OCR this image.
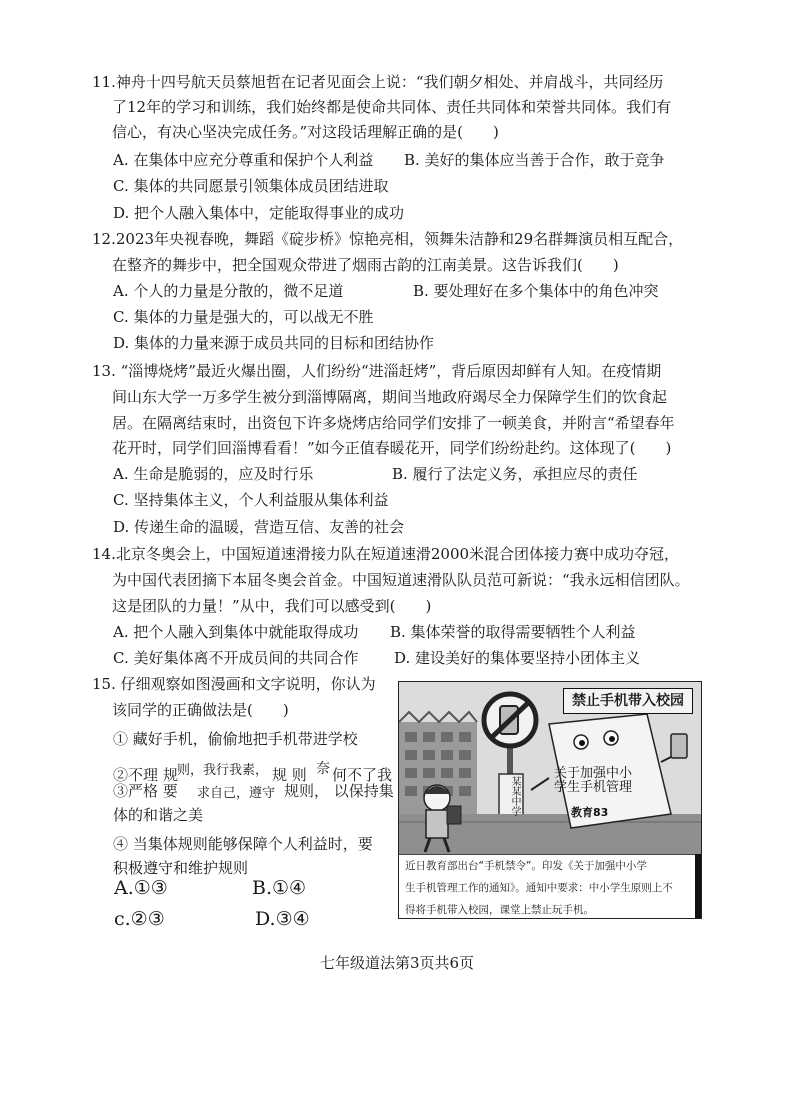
11.神舟十四号航天员蔡旭哲在记者见面会上说：“我们朝夕相处、并肩战斗，共同经历
了12年的学习和训练，我们始终都是使命共同体、责任共同体和荣誉共同体。我们有
信心，有决心坚决完成任务。”对这段话理解正确的是(　　)
A. 在集体中应充分尊重和保护个人利益 B. 美好的集体应当善于合作，敢于竞争
C. 集体的共同愿景引领集体成员团结进取
D. 把个人融入集体中，定能取得事业的成功
12.2023年央视春晚，舞蹈《碇步桥》惊艳亮相，领舞朱洁静和29名群舞演员相互配合，
在整齐的舞步中，把全国观众带进了烟雨古韵的江南美景。这告诉我们(　　)
A. 个人的力量是分散的，微不足道	B. 要处理好在多个集体中的角色冲突
C. 集体的力量是强大的，可以战无不胜
D. 集体的力量来源于成员共同的目标和团结协作
13. “淄博烧烤”最近火爆出圈，人们纷纷“进淄赶烤”，背后原因却鲜有人知。在疫情期
间山东大学一万多学生被分到淄博隔离，期间当地政府竭尽全力保障学生们的饮食起
居。在隔离结束时，出资包下许多烧烤店给同学们安排了一顿美食，并附言“希望春年
花开时，同学们回淄博看看！”如今正值春暖花开，同学们纷纷赴约。这体现了(　　)
A. 生命是脆弱的，应及时行乐	B. 履行了法定义务，承担应尽的责任
C. 坚持集体主义，个人利益服从集体利益
D. 传递生命的温暖，营造互信、友善的社会
14.北京冬奥会上，中国短道速滑接力队在短道速滑2000米混合团体接力赛中成功夺冠，
为中国代表团摘下本届冬奥会首金。中国短道速滑队队员范可新说：“我永远相信团队。
这是团队的力量！”从中，我们可以感受到(　　)
A. 把个人融入到集体中就能取得成功 B. 集体荣誉的取得需要牺牲个人利益
C. 美好集体离不开成员间的共同合作 D. 建设美好的集体要坚持小团体主义
15. 仔细观察如图漫画和文字说明，你认为
该同学的正确做法是(　　)
① 藏好手机，偷偷地把手机带进学校
②不理 规
则，我行我素， 规 则 奈 何不了我
③严格 要 求自己，遵守 规则， 以保持集
体的和谐之美
④ 当集体规则能够保障个人利益时，要
积极遵守和维护规则
A.①③	B.①④
c.②③	D.③④
禁止手机带入校园
某某中学
关于加强中小
学生手机管理
教育83
近日教育部出台“手机禁令”。印发《关于加强中小学
生手机管理工作的通知》。通知中要求：中小学生原则上不
得将手机带入校园，课堂上禁止玩手机。
七年级道法第3页共6页
